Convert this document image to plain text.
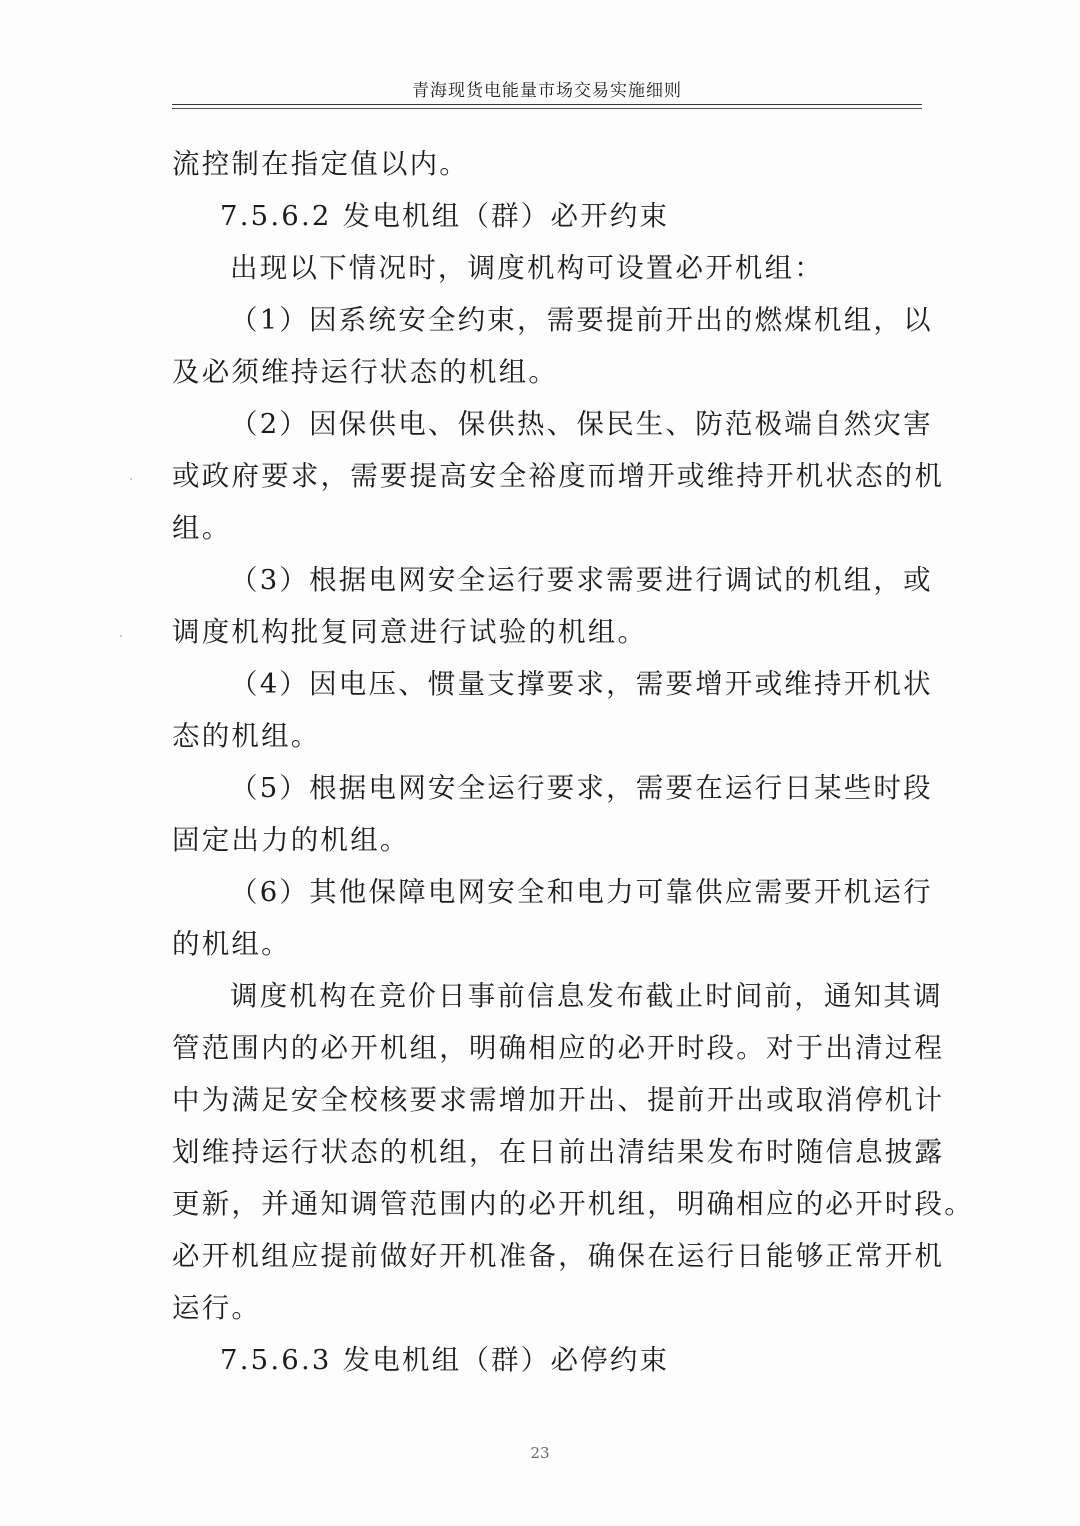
青海现货电能量市场交易实施细则
流控制在指定值以内。
7.5.6.2 发电机组（群）必开约束
出现以下情况时，调度机构可设置必开机组：
（1）因系统安全约束，需要提前开出的燃煤机组，以
及必须维持运行状态的机组。
（2）因保供电、保供热、保民生、防范极端自然灾害
或政府要求，需要提高安全裕度而增开或维持开机状态的机
组。
（3）根据电网安全运行要求需要进行调试的机组，或
调度机构批复同意进行试验的机组。
（4）因电压、惯量支撑要求，需要增开或维持开机状
态的机组。
（5）根据电网安全运行要求，需要在运行日某些时段
固定出力的机组。
（6）其他保障电网安全和电力可靠供应需要开机运行
的机组。
调度机构在竞价日事前信息发布截止时间前，通知其调
管范围内的必开机组，明确相应的必开时段。对于出清过程
中为满足安全校核要求需增加开出、提前开出或取消停机计
划维持运行状态的机组，在日前出清结果发布时随信息披露
更新，并通知调管范围内的必开机组，明确相应的必开时段。
必开机组应提前做好开机准备，确保在运行日能够正常开机
运行。
7.5.6.3 发电机组（群）必停约束
23
